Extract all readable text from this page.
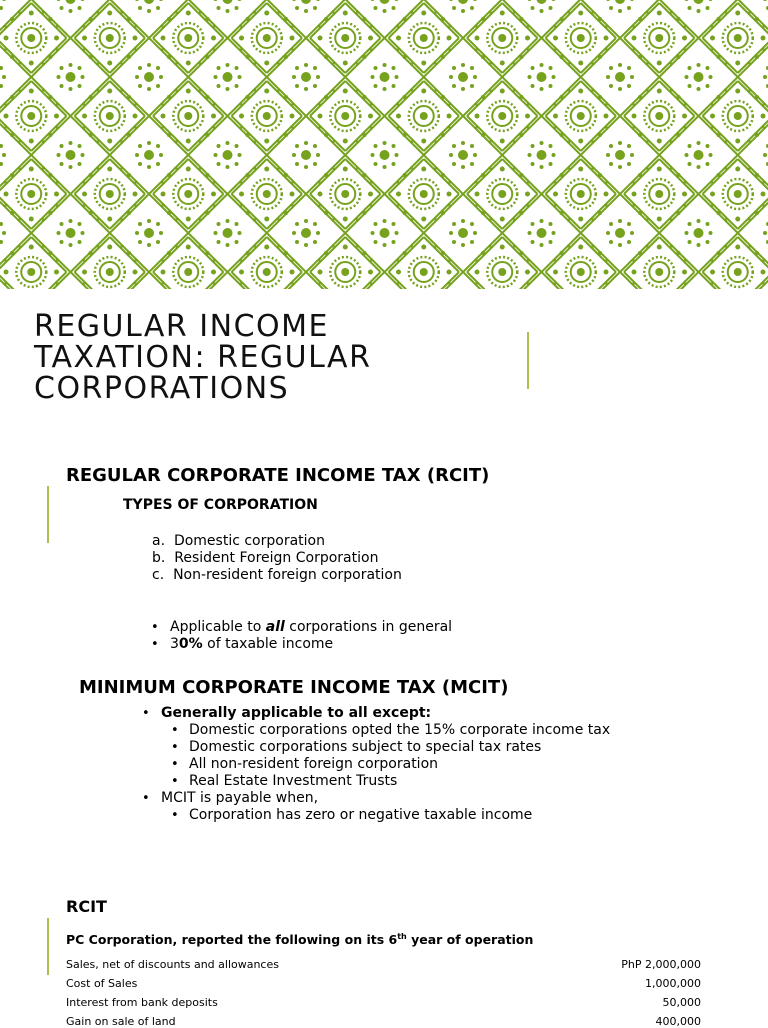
REGULAR INCOME
TAXATION: REGULAR
CORPORATIONS
REGULAR CORPORATE INCOME TAX (RCIT)
TYPES OF CORPORATION
a. Domestic corporation
b. Resident Foreign Corporation
c. Non-resident foreign corporation
• Applicable to all corporations in general
• 30% of taxable income
MINIMUM CORPORATE INCOME TAX (MCIT)
• Generally applicable to all except:
• Domestic corporations opted the 15% corporate income tax
• Domestic corporations subject to special tax rates
• All non-resident foreign corporation
• Real Estate Investment Trusts
• MCIT is payable when,
• Corporation has zero or negative taxable income
RCIT
PC Corporation, reported the following on its 6th year of operation
Sales, net of discounts and allowances	PhP 2,000,000
Cost of Sales	1,000,000
Interest from bank deposits	50,000
Gain on sale of land	400,000
